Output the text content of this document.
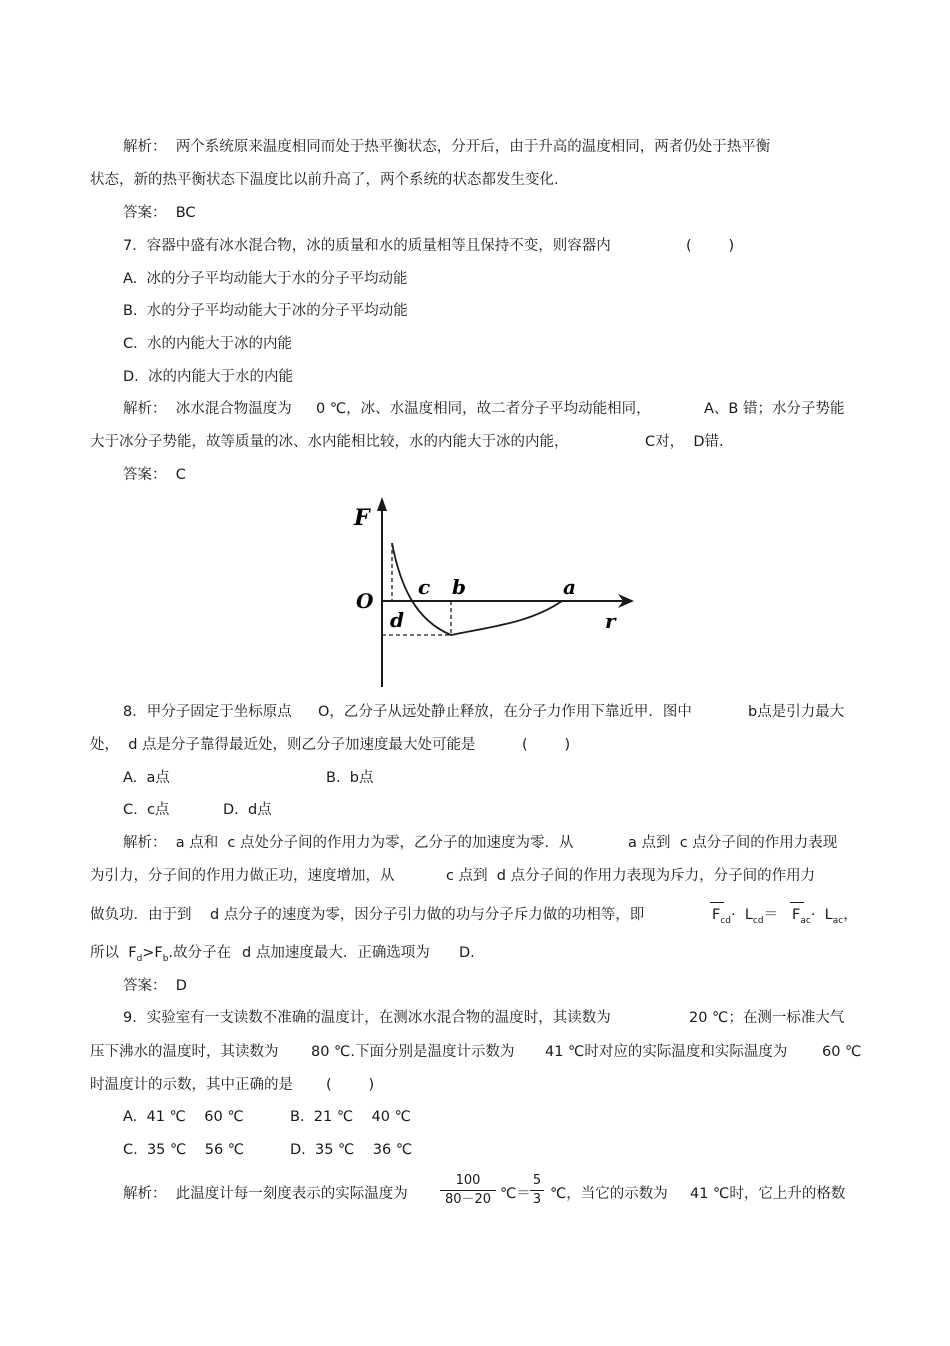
解析：  两个系统原来温度相同而处于热平衡状态，分开后，由于升高的温度相同，两者仍处于热平衡
状态，新的热平衡状态下温度比以前升高了，两个系统的状态都发生变化.
答案：  BC
7．容器中盛有冰水混合物，冰的质量和水的质量相等且保持不变，则容器内	(        )
A.  冰的分子平均动能大于水的分子平均动能
B.  水的分子平均动能大于冰的分子平均动能
C.  水的内能大于冰的内能
D.  冰的内能大于水的内能
解析：  冰水混合物温度为 0 ℃，冰、水温度相同，故二者分子平均动能相同，	A、B 错；水分子势能
大于冰分子势能，故等质量的冰、水内能相比较，水的内能大于冰的内能，	C对，  D错.
答案：  C
F
O
c b	a
d	r
8．甲分子固定于坐标原点 O，乙分子从远处静止释放，在分子力作用下靠近甲．图中	b点是引力最大
处，  d 点是分子靠得最近处，则乙分子加速度最大处可能是	(        )
A.  a点	B.  b点
C.  c点	D.  d点
解析：  a 点和  c 点处分子间的作用力为零，乙分子的加速度为零．从	a 点到  c 点分子间的作用力表现
为引力，分子间的作用力做正功，速度增加，从	c 点到  d 点分子间的作用力表现为斥力，分子间的作用力
做负功．由于到 d 点分子的速度为零，因分子引力做的功与分子斥力做的功相等，即	$F_{cd}\cdot L_{cd}= F_{ac}\cdot L_{ac}$，
所以  $F_d>F_b$.故分子在 d 点加速度最大．正确选项为 D.
答案：  D
9．实验室有一支读数不准确的温度计，在测冰水混合物的温度时，其读数为	20 ℃；在测一标准大气
压下沸水的温度时，其读数为 80 ℃.下面分别是温度计示数为 41 ℃时对应的实际温度和实际温度为 60 ℃
时温度计的示数，其中正确的是 (        )
A.  41 ℃    60 ℃	B.  21 ℃    40 ℃
C.  35 ℃    56 ℃	D.  35 ℃    36 ℃
解析：  此温度计每一刻度表示的实际温度为 $\frac{100}{80-20}$ ℃＝ $\frac{5}{3}$ ℃，当它的示数为 41 ℃时，它上升的格数
